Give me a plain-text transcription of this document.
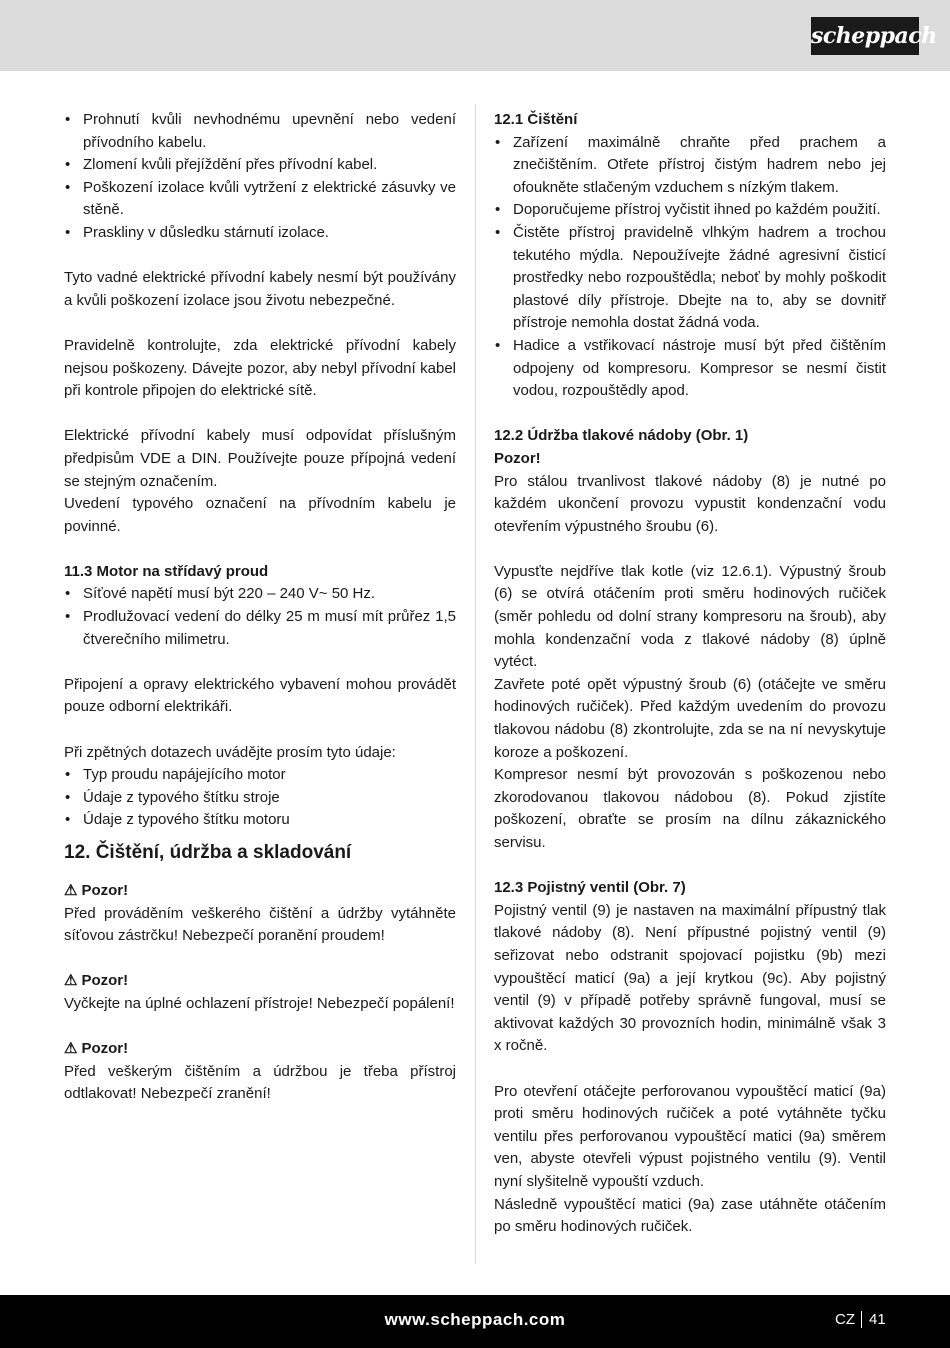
scheppach
• Prohnutí kvůli nevhodnému upevnění nebo vedení přívodního kabelu.
• Zlomení kvůli přejíždění přes přívodní kabel.
• Poškození izolace kvůli vytržení z elektrické zásuvky ve stěně.
• Praskliny v důsledku stárnutí izolace.

Tyto vadné elektrické přívodní kabely nesmí být používány a kvůli poškození izolace jsou životu nebezpečné.

Pravidelně kontrolujte, zda elektrické přívodní kabely nejsou poškozeny. Dávejte pozor, aby nebyl přívodní kabel při kontrole připojen do elektrické sítě.

Elektrické přívodní kabely musí odpovídat příslušným předpisům VDE a DIN. Používejte pouze přípojná vedení se stejným označením.

Uvedení typového označení na přívodním kabelu je povinné.

11.3 Motor na střídavý proud

• Síťové napětí musí být 220 – 240 V~ 50 Hz.
• Prodlužovací vedení do délky 25 m musí mít průřez 1,5 čtverečního milimetru.

Připojení a opravy elektrického vybavení mohou provádět pouze odborní elektrikáři.

Při zpětných dotazech uvádějte prosím tyto údaje:

• Typ proudu napájejícího motor
• Údaje z typového štítku stroje
• Údaje z typového štítku motoru
12. Čištění, údržba a skladování

⚠ Pozor!

Před prováděním veškerého čištění a údržby vytáhněte síťovou zástrčku! Nebezpečí poranění proudem!

⚠ Pozor!

Vyčkejte na úplné ochlazení přístroje! Nebezpečí popálení!

⚠ Pozor!

Před veškerým čištěním a údržbou je třeba přístroj odtlakovat! Nebezpečí zranění!

12.1 Čištění

• Zařízení maximálně chraňte před prachem a znečištěním. Otřete přístroj čistým hadrem nebo jej ofoukněte stlačeným vzduchem s nízkým tlakem.
• Doporučujeme přístroj vyčistit ihned po každém použití.
• Čistěte přístroj pravidelně vlhkým hadrem a trochou tekutého mýdla. Nepoužívejte žádné agresivní čisticí prostředky nebo rozpouštědla; neboť by mohly poškodit plastové díly přístroje. Dbejte na to, aby se dovnitř přístroje nemohla dostat žádná voda.
• Hadice a vstřikovací nástroje musí být před čištěním odpojeny od kompresoru. Kompresor se nesmí čistit vodou, rozpouštědly apod.

12.2 Údržba tlakové nádoby (Obr. 1)

Pozor!

Pro stálou trvanlivost tlakové nádoby (8) je nutné po každém ukončení provozu vypustit kondenzační vodu otevřením výpustného šroubu (6).

Vypusťte nejdříve tlak kotle (viz 12.6.1). Výpustný šroub (6) se otvírá otáčením proti směru hodinových ručiček (směr pohledu od dolní strany kompresoru na šroub), aby mohla kondenzační voda z tlakové nádoby (8) úplně vytéct.

Zavřete poté opět výpustný šroub (6) (otáčejte ve směru hodinových ručiček). Před každým uvedením do provozu tlakovou nádobu (8) zkontrolujte, zda se na ní nevyskytuje koroze a poškození.

Kompresor nesmí být provozován s poškozenou nebo zkorodovanou tlakovou nádobou (8). Pokud zjistíte poškození, obraťte se prosím na dílnu zákaznického servisu.

12.3 Pojistný ventil (Obr. 7)

Pojistný ventil (9) je nastaven na maximální přípustný tlak tlakové nádoby (8). Není přípustné pojistný ventil (9) seřizovat nebo odstranit spojovací pojistku (9b) mezi vypouštěcí maticí (9a) a její krytkou (9c). Aby pojistný ventil (9) v případě potřeby správně fungoval, musí se aktivovat každých 30 provozních hodin, minimálně však 3 x ročně.

Pro otevření otáčejte perforovanou vypouštěcí maticí (9a) proti směru hodinových ručiček a poté vytáhněte tyčku ventilu přes perforovanou vypouštěcí matici (9a) směrem ven, abyste otevřeli výpust pojistného ventilu (9). Ventil nyní slyšitelně vypouští vzduch.

Následně vypouštěcí matici (9a) zase utáhněte otáčením po směru hodinových ručiček.

www.scheppach.com	CZ 41
